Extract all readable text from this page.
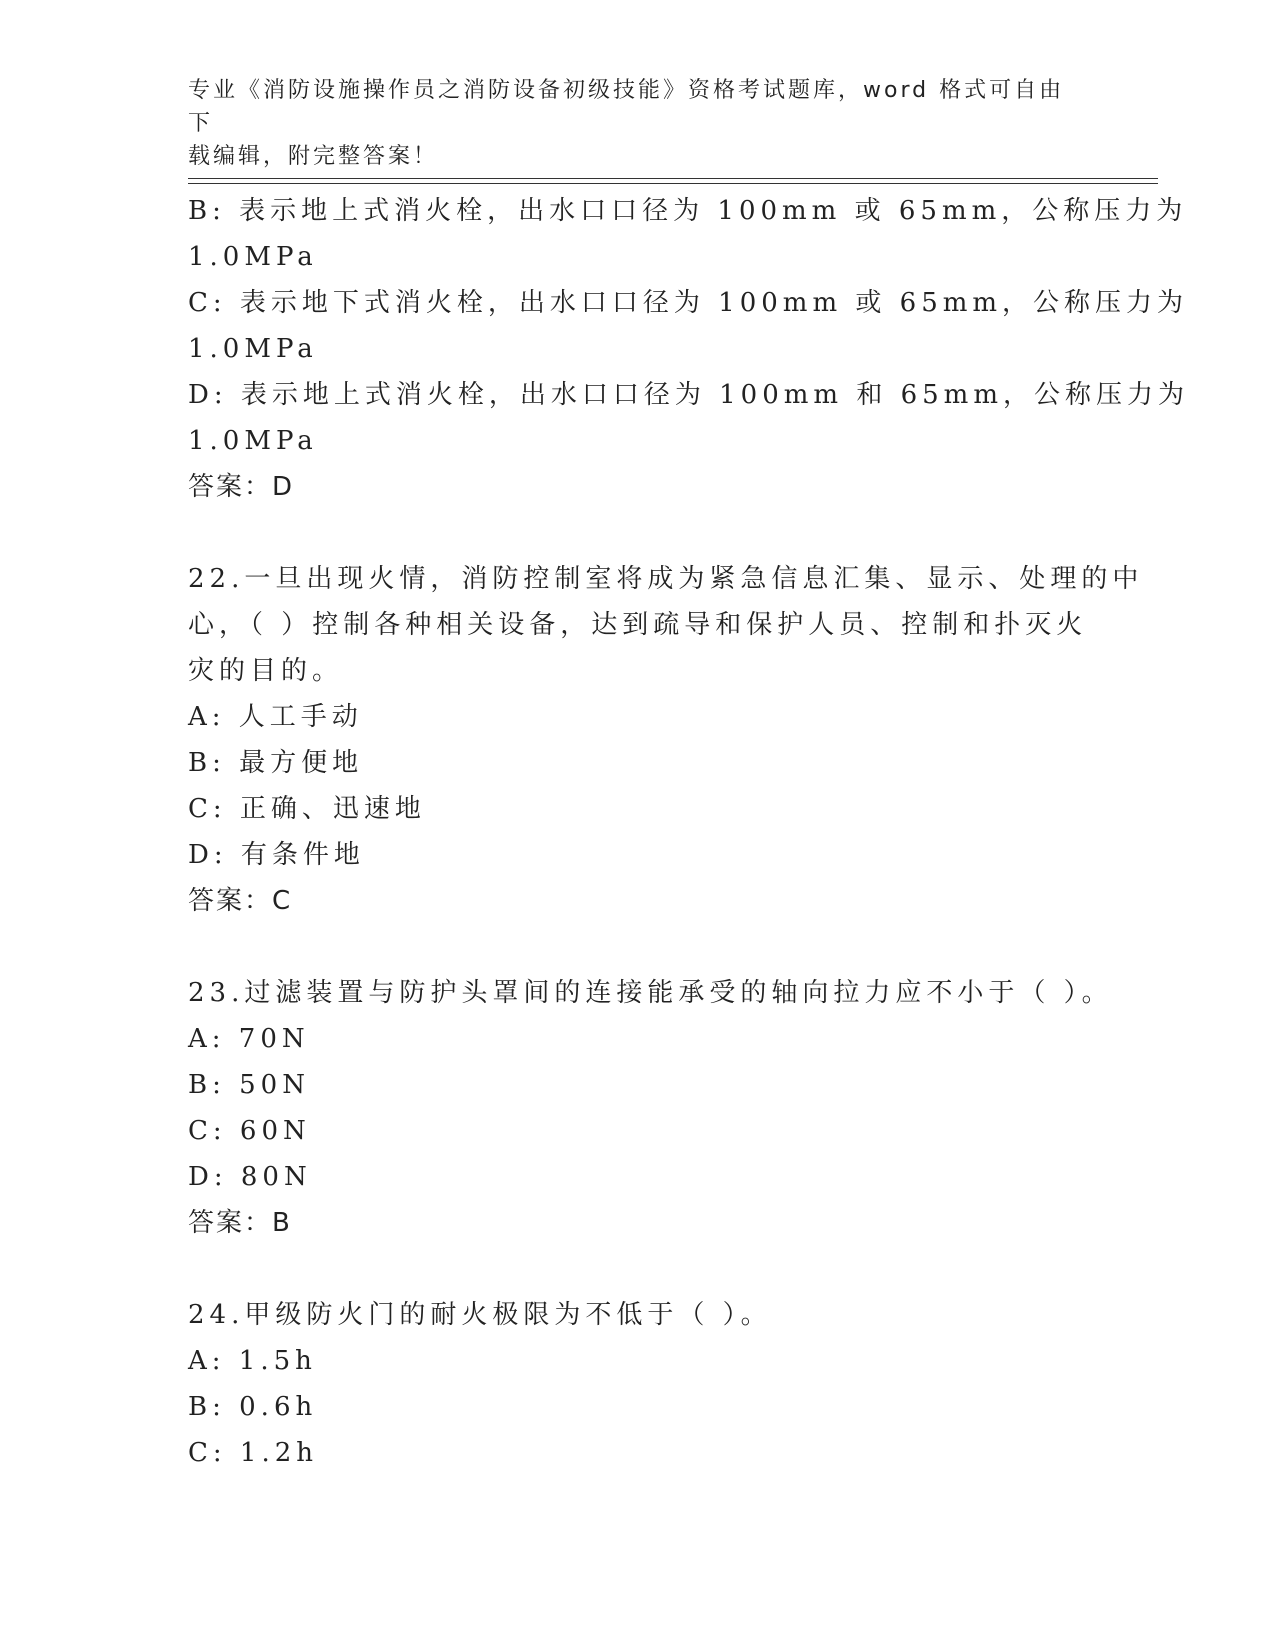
专业《消防设施操作员之消防设备初级技能》资格考试题库，word 格式可自由下
载编辑，附完整答案！
B: 表示地上式消火栓，出水口口径为 100mm 或 65mm，公称压力为
1.0MPa
C: 表示地下式消火栓，出水口口径为 100mm 或 65mm，公称压力为
1.0MPa
D: 表示地上式消火栓，出水口口径为 100mm 和 65mm，公称压力为
1.0MPa
答案：D
22.一旦出现火情，消防控制室将成为紧急信息汇集、显示、处理的中
心，（ ）控制各种相关设备，达到疏导和保护人员、控制和扑灭火
灾的目的。
A: 人工手动
B: 最方便地
C: 正确、迅速地
D: 有条件地
答案：C
23.过滤装置与防护头罩间的连接能承受的轴向拉力应不小于（ ）。
A: 70N
B: 50N
C: 60N
D: 80N
答案：B
24.甲级防火门的耐火极限为不低于（ ）。
A: 1.5h
B: 0.6h
C: 1.2h
